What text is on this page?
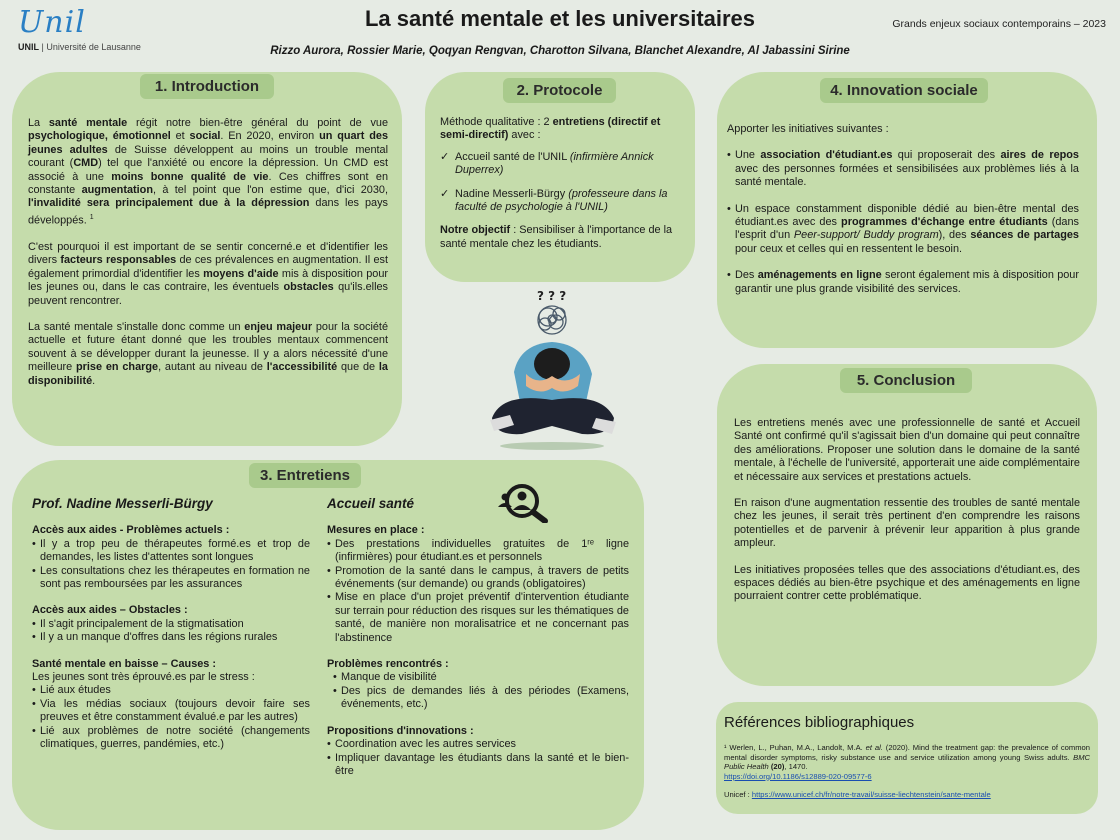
Unil
UNIL | Université de Lausanne
La santé mentale et les universitaires	Grands enjeux sociaux contemporains – 2023
Rizzo Aurora, Rossier Marie, Qoqyan Rengvan, Charotton Silvana, Blanchet Alexandre, Al Jabassini Sirine
1. Introduction

La santé mentale régit notre bien-être général du point de vue psychologique, émotionnel et social. En 2020, environ un quart des jeunes adultes de Suisse développent au moins un trouble mental courant (CMD) tel que l'anxiété ou encore la dépression. Un CMD est associé à une moins bonne qualité de vie. Ces chiffres sont en constante augmentation, à tel point que l'on estime que, d'ici 2030, l'invalidité sera principalement due à la dépression dans les pays développés. $^1$

C'est pourquoi il est important de se sentir concerné.e et d'identifier les divers facteurs responsables de ces prévalences en augmentation. Il est également primordial d'identifier les moyens d'aide mis à disposition pour les jeunes ou, dans le cas contraire, les éventuels obstacles qu'ils.elles peuvent rencontrer.

La santé mentale s'installe donc comme un enjeu majeur pour la société actuelle et future étant donné que les troubles mentaux commencent souvent à se développer durant la jeunesse. Il y a alors nécessité d'une meilleure prise en charge, autant au niveau de l'accessibilité que de la disponibilité.

2. Protocole

Méthode qualitative : 2 entretiens (directif et semi-directif) avec :

✓ Accueil santé de l'UNIL (infirmière Annick Duperrex)
✓ Nadine Messerli-Bürgy (professeure dans la faculté de psychologie à l'UNIL)

Notre objectif : Sensibiliser à l'importance de la santé mentale chez les étudiants.

? ? ?
4. Innovation sociale

Apporter les initiatives suivantes :

• Une association d'étudiant.es qui proposerait des aires de repos avec des personnes formées et sensibilisées aux problèmes liés à la santé mentale.
• Un espace constamment disponible dédié au bien-être mental des étudiant.es avec des programmes d'échange entre étudiants (dans l'esprit d'un Peer-support/ Buddy program), des séances de partages pour ceux et celles qui en ressentent le besoin.
• Des aménagements en ligne seront également mis à disposition pour garantir une plus grande visibilité des services.
5. Conclusion

Les entretiens menés avec une professionnelle de santé et Accueil Santé ont confirmé qu'il s'agissait bien d'un domaine qui peut connaître des améliorations. Proposer une solution dans le domaine de la santé mentale, à l'échelle de l'université, apporterait une aide complémentaire et nécessaire aux services et prestations actuels.

En raison d'une augmentation ressentie des troubles de santé mentale chez les jeunes, il serait très pertinent d'en comprendre les raisons potentielles et de parvenir à prévenir leur apparition à plus grande ampleur.

Les initiatives proposées telles que des associations d'étudiant.es, des espaces dédiés au bien-être psychique et des aménagements en ligne pourraient contrer cette problématique.

3. Entretiens
Prof. Nadine Messerli-Bürgy
Accès aux aides - Problèmes actuels :
• Il y a trop peu de thérapeutes formé.es et trop de demandes, les listes d'attentes sont longues
• Les consultations chez les thérapeutes en formation ne sont pas remboursées par les assurances
Accès aux aides – Obstacles :
• Il s'agit principalement de la stigmatisation
• Il y a un manque d'offres dans les régions rurales
Santé mentale en baisse – Causes :
Les jeunes sont très éprouvé.es par le stress :
• Lié aux études
• Via les médias sociaux (toujours devoir faire ses preuves et être constamment évalué.e par les autres)
• Lié aux problèmes de notre société (changements climatiques, guerres, pandémies, etc.)
Accueil santé
Mesures en place :
• Des prestations individuelles gratuites de 1ʳᵉ ligne (infirmières) pour étudiant.es et personnels
• Promotion de la santé dans le campus, à travers de petits événements (sur demande) ou grands (obligatoires)
• Mise en place d'un projet préventif d'intervention étudiante sur terrain pour réduction des risques sur les thématiques de santé, de manière non moralisatrice et ne concernant pas l'abstinence
Problèmes rencontrés :
• Manque de visibilité
• Des pics de demandes liés à des périodes (Examens, événements, etc.)
Propositions d'innovations :
• Coordination avec les autres services
• Impliquer davantage les étudiants dans la santé et le bien-être
Références bibliographiques
¹ Werlen, L., Puhan, M.A., Landolt, M.A. et al. (2020). Mind the treatment gap: the prevalence of common mental disorder symptoms, risky substance use and service utilization among young Swiss adults. BMC Public Health (20), 1470.
https://doi.org/10.1186/s12889-020-09577-6
Unicef : https://www.unicef.ch/fr/notre-travail/suisse-liechtenstein/sante-mentale
